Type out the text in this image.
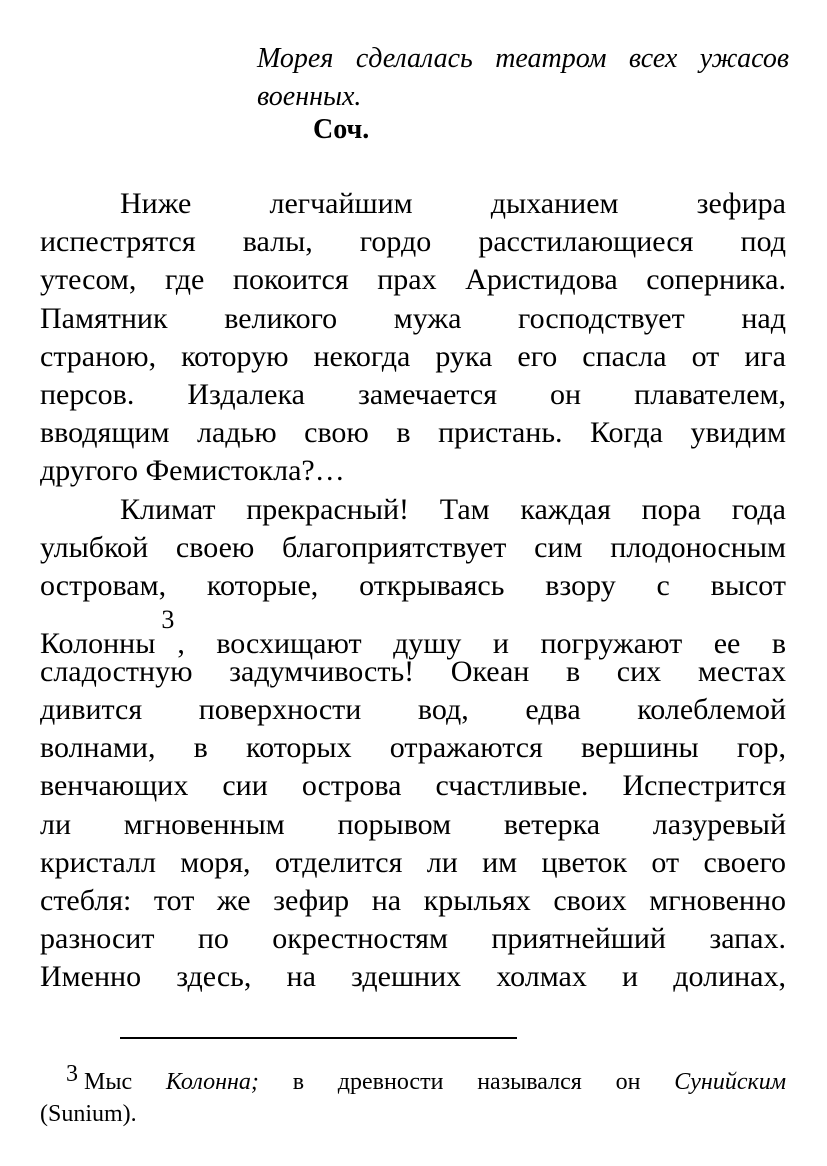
Морея сделалась театром всех ужасов военных.
Соч.
Ниже легчайшим дыханием зефира
испестрятся валы, гордо расстилающиеся под
утесом, где покоится прах Аристидова соперника.
Памятник великого мужа господствует над
страною, которую некогда рука его спасла от ига
персов. Издалека замечается он плавателем,
вводящим ладью свою в пристань. Когда увидим
другого Фемистокла?…
Климат прекрасный! Там каждая пора года
улыбкой своею благоприятствует сим плодоносным
островам, которые, открываясь взору с высот
Колонны$^3$, восхищают душу и погружают ее в
сладостную задумчивость! Океан в сих местах
дивится поверхности вод, едва колеблемой
волнами, в которых отражаются вершины гор,
венчающих сии острова счастливые. Испестрится
ли мгновенным порывом ветерка лазуревый
кристалл моря, отделится ли им цветок от своего
стебля: тот же зефир на крыльях своих мгновенно
разносит по окрестностям приятнейший запах.
Именно здесь, на здешних холмах и долинах,
3 Мыс Колонна; в древности назывался он Сунийским
(Sunium).
